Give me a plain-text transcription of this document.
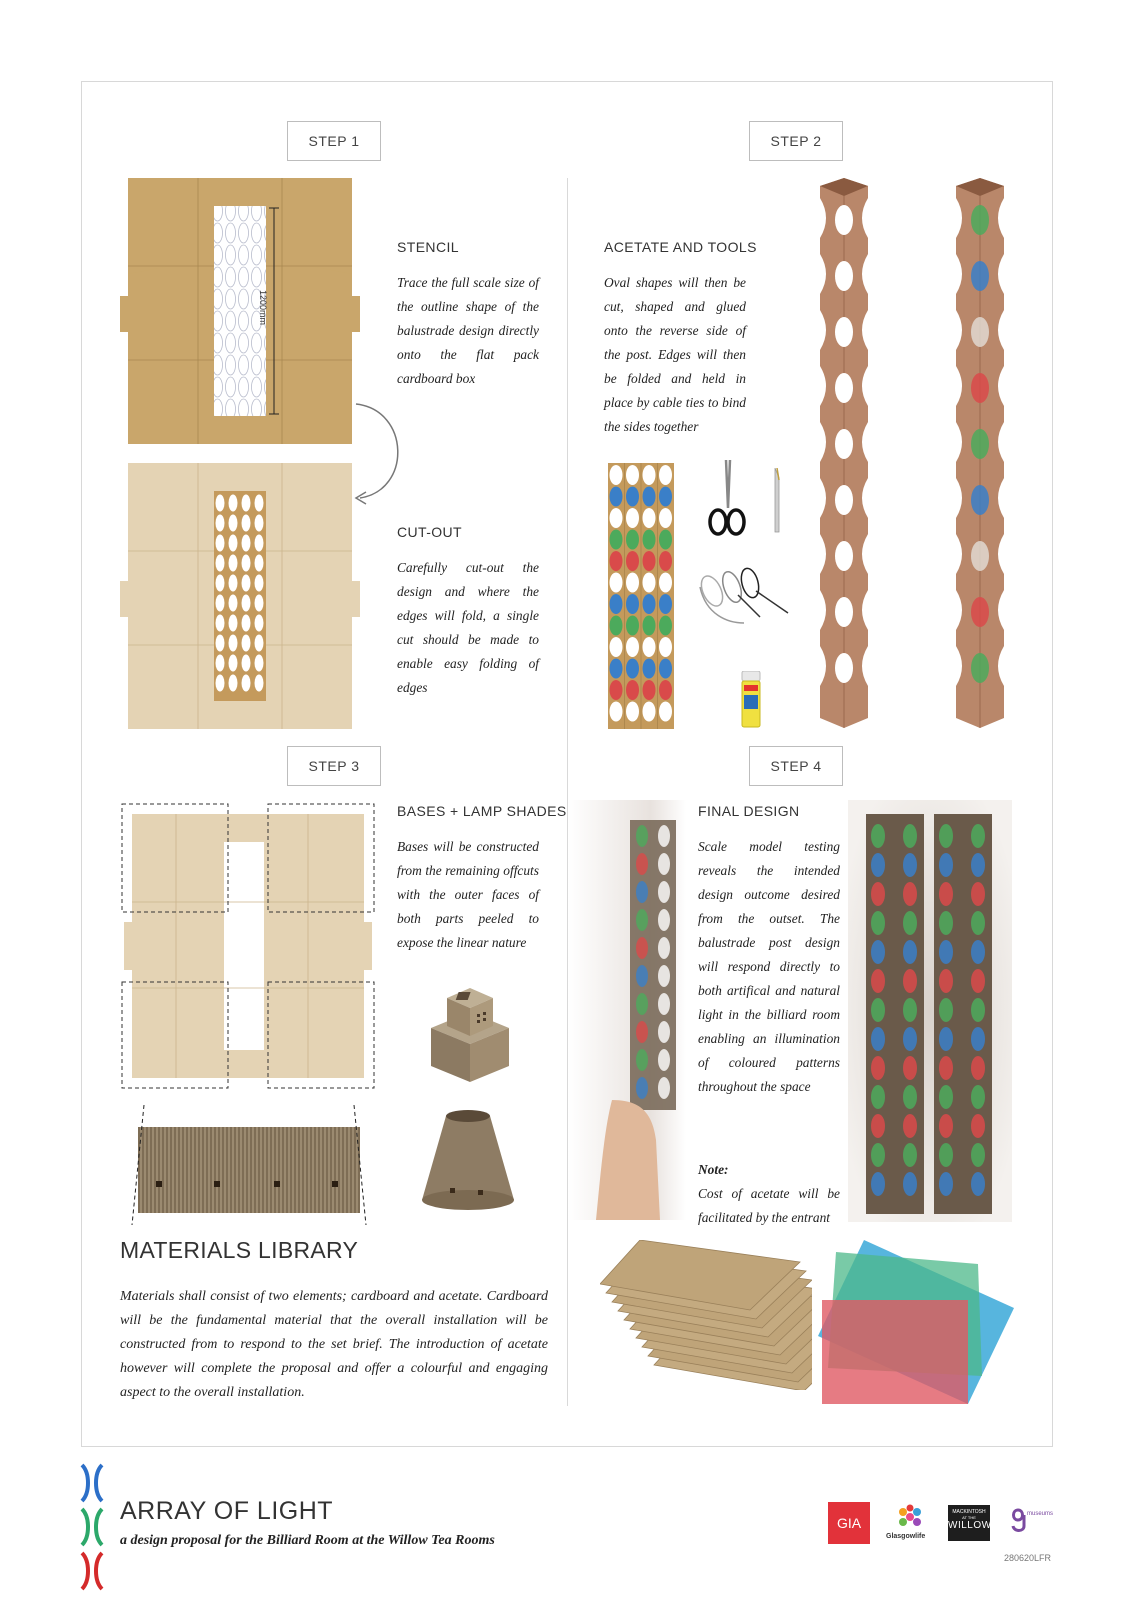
STEP 1	STEP 2
STEP 3	STEP 4
1200mm
STENCIL
Trace the full scale size of the outline shape of the balustrade design directly onto the flat pack cardboard box
CUT-OUT
Carefully cut-out the design and where the edges will fold, a single cut should be made to enable easy folding of edges
ACETATE AND TOOLS
Oval shapes will then be cut, shaped and glued onto the reverse side of the post. Edges will then be folded and held in place by cable ties to bind the sides together
BASES + LAMP SHADES
Bases will be constructed from the remaining offcuts with the outer faces of both parts peeled to expose the linear nature
MATERIALS LIBRARY
Materials shall consist of two elements; cardboard and acetate. Cardboard will be the fundamental material that the overall installation will be constructed from to respond to the set brief. The introduction of acetate however will complete the proposal and offer a colourful and engaging aspect to the overall installation.
FINAL DESIGN
Scale model testing reveals the intended design outcome desired from the outset. The balustrade post design will respond directly to both artifical and natural light in the billiard room enabling an illumination of coloured patterns throughout the space
Note:
Cost of acetate will be facilitated by the entrant
ARRAY OF LIGHT
a design proposal for the Billiard Room at the Willow Tea Rooms
GIA
Glasgowlife
MACKINTOSH
AT THE
WILLOW
museums
280620LFR
